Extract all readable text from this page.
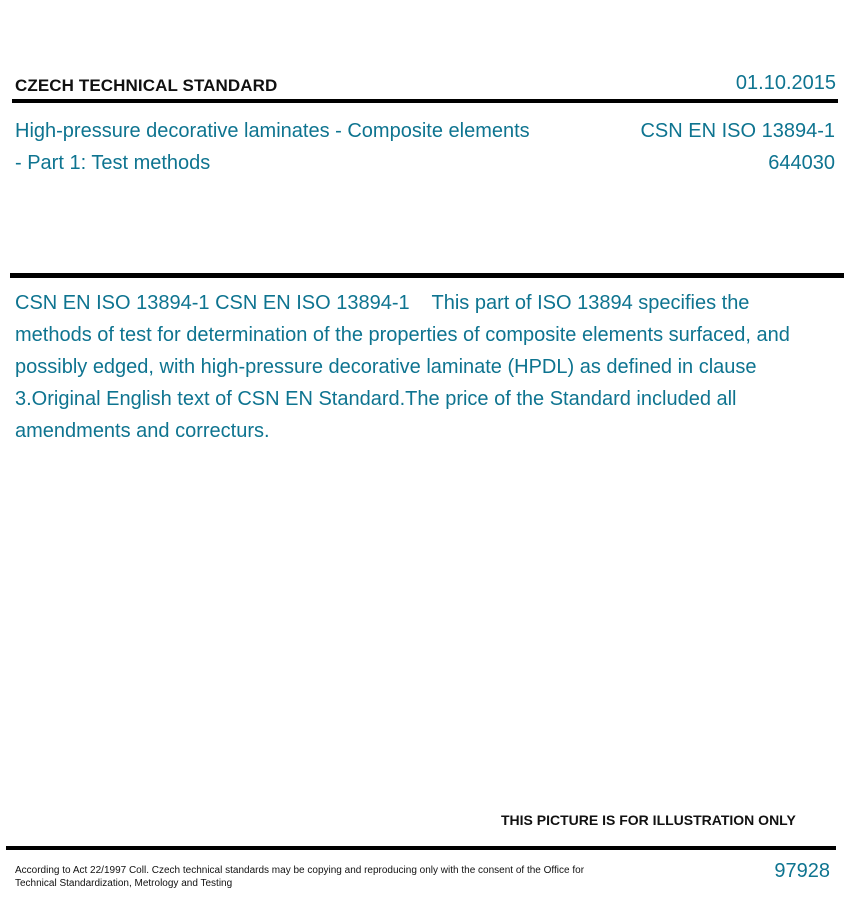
CZECH TECHNICAL STANDARD	01.10.2015
High-pressure decorative laminates - Composite elements - Part 1: Test methods
CSN EN ISO 13894-1
644030
CSN EN ISO 13894-1 CSN EN ISO 13894-1    This part of ISO 13894 specifies the methods of test for determination of the properties of composite elements surfaced, and possibly edged, with high-pressure decorative laminate (HPDL) as defined in clause 3.Original English text of CSN EN Standard.The price of the Standard included all amendments and correcturs.
THIS PICTURE IS FOR ILLUSTRATION ONLY
According to Act 22/1997 Coll. Czech technical standards may be copying and reproducing only with the consent of the Office for Technical Standardization, Metrology and Testing
97928
